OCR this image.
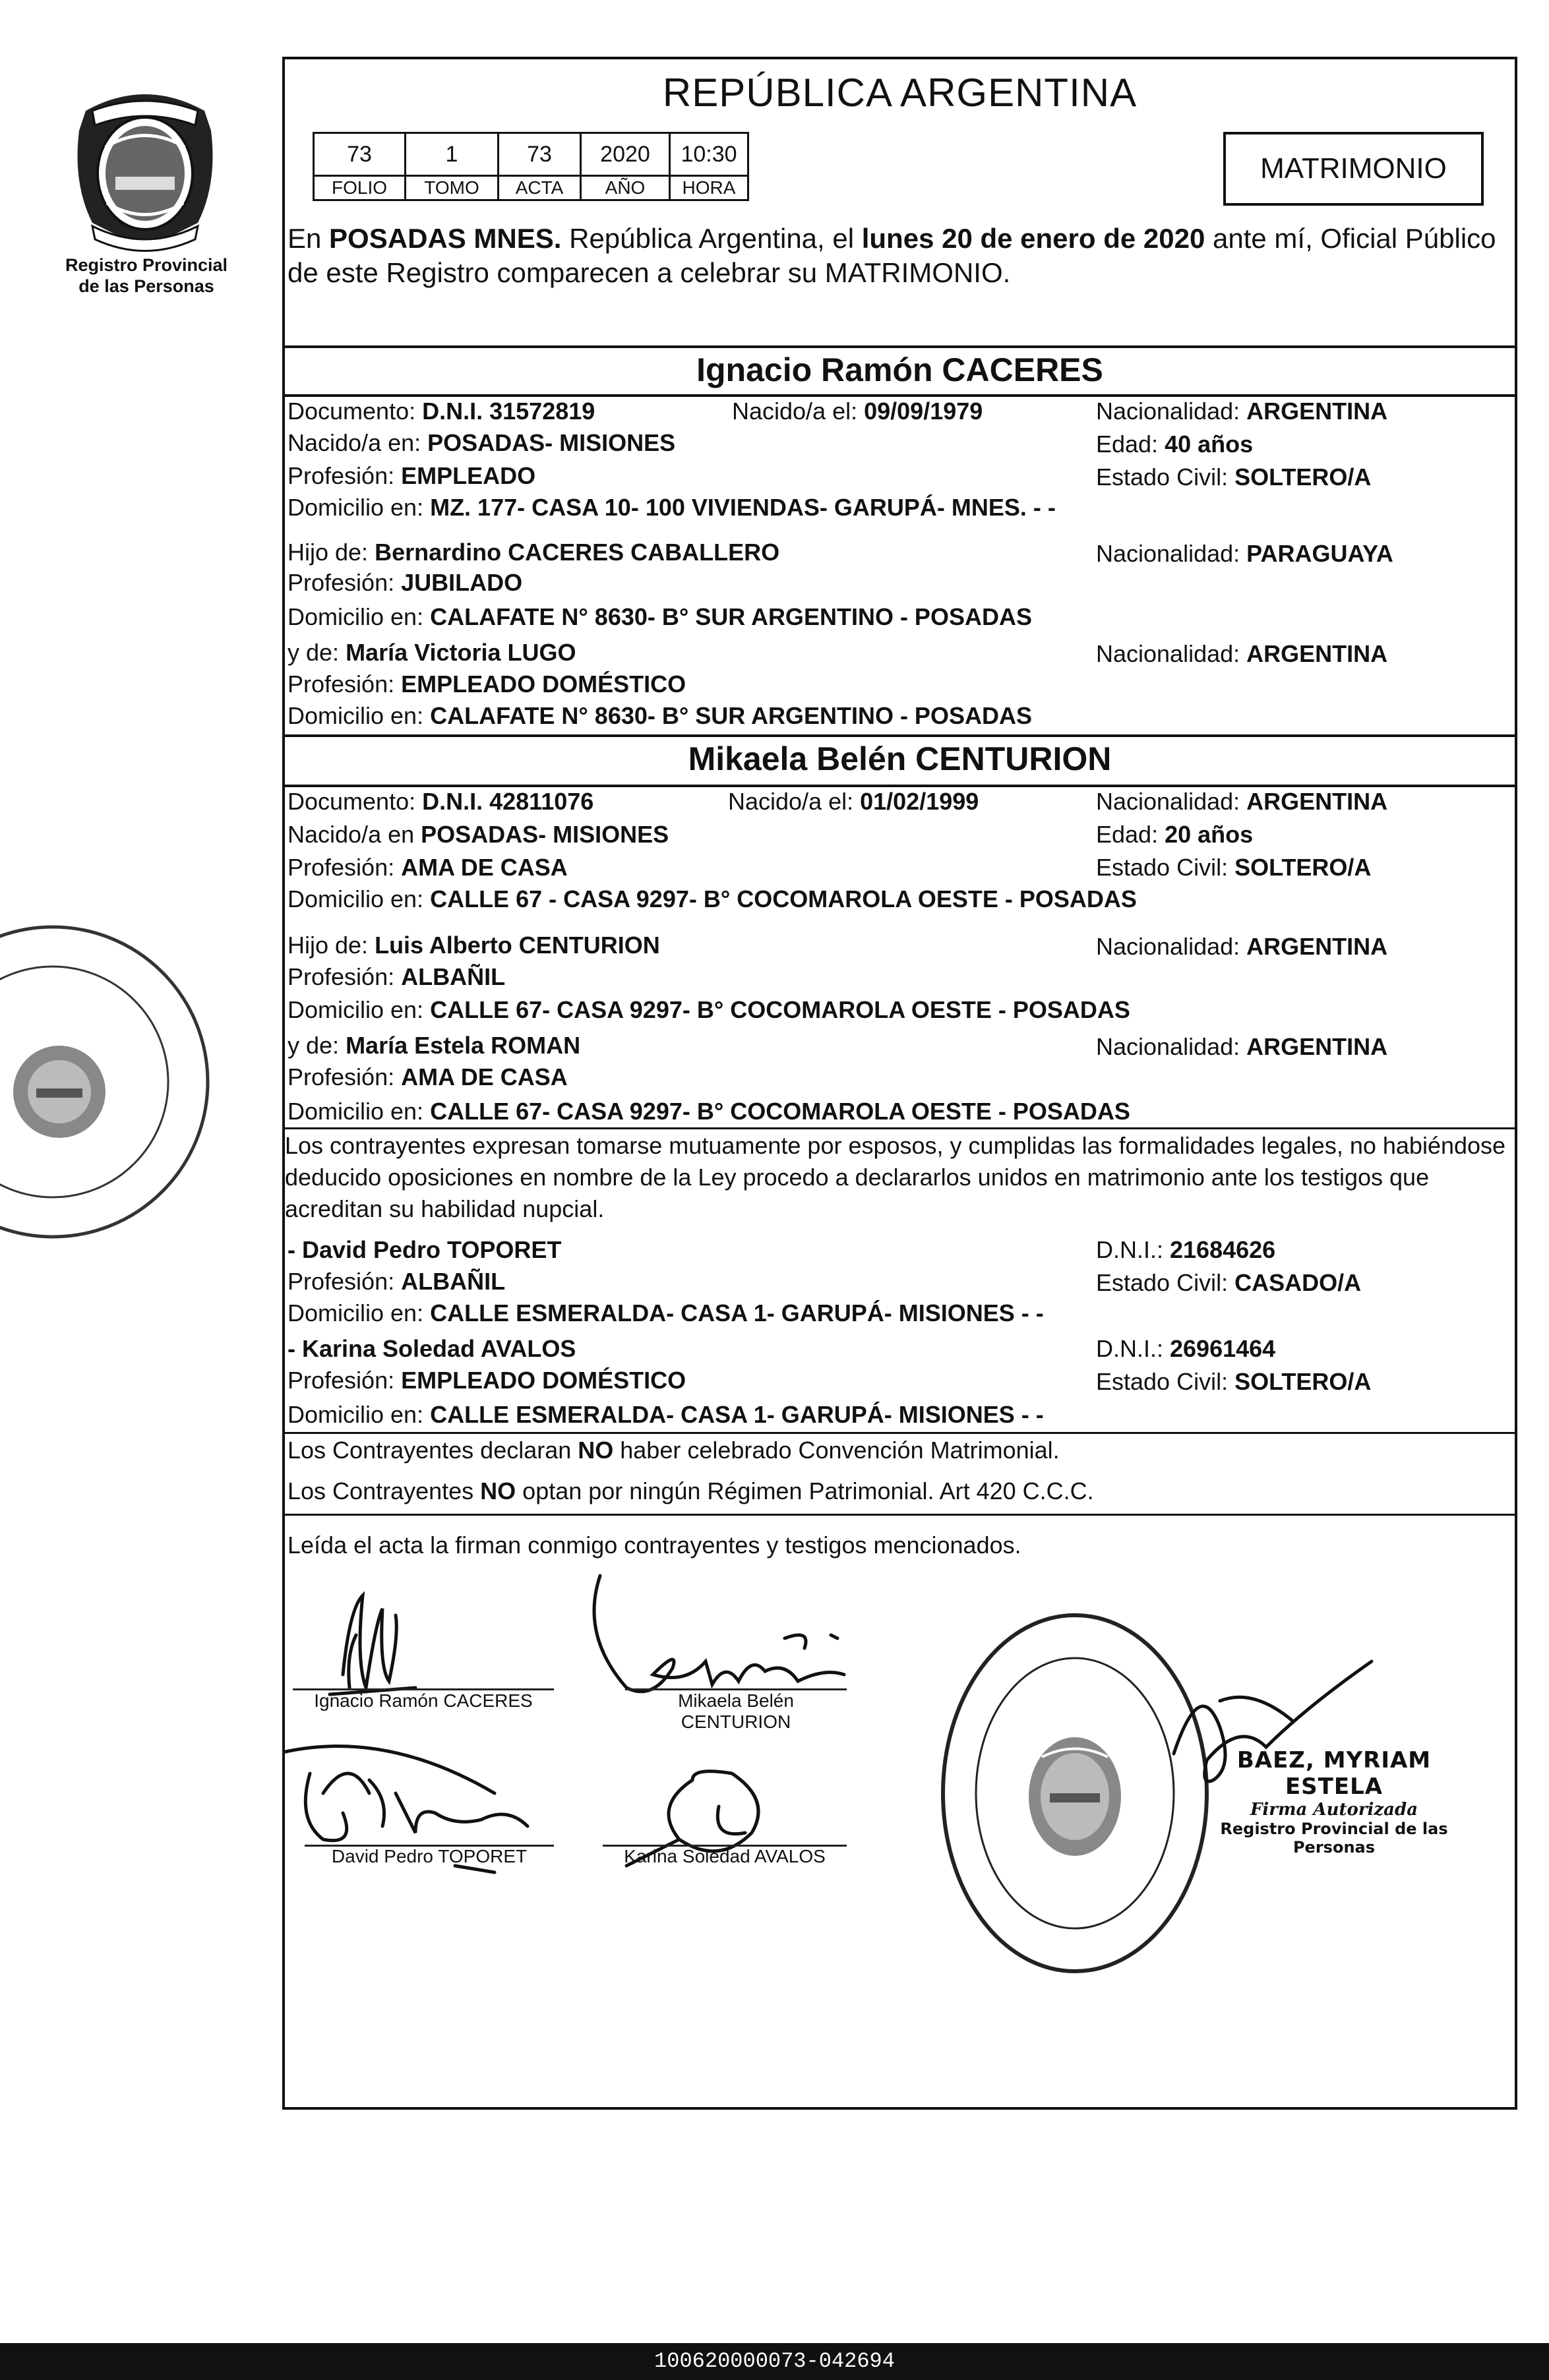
Registro Provincial
de las Personas
REPÚBLICA ARGENTINA
73	1	73	2020	10:30
FOLIO	TOMO	ACTA	AÑO	HORA
MATRIMONIO
En POSADAS MNES. República Argentina, el lunes 20 de enero de 2020 ante mí, Oficial Público de este Registro comparecen a celebrar su MATRIMONIO.
Ignacio Ramón CACERES
Documento: D.N.I. 31572819	Nacido/a el: 09/09/1979	Nacionalidad: ARGENTINA
Nacido/a en: POSADAS- MISIONES	Edad: 40 años
Profesión: EMPLEADO	Estado Civil: SOLTERO/A
Domicilio en: MZ. 177- CASA 10- 100 VIVIENDAS- GARUPÁ- MNES. - -
Hijo de: Bernardino CACERES CABALLERO	Nacionalidad: PARAGUAYA
Profesión: JUBILADO
Domicilio en: CALAFATE N° 8630- B° SUR ARGENTINO - POSADAS
y de: María Victoria LUGO	Nacionalidad: ARGENTINA
Profesión: EMPLEADO DOMÉSTICO
Domicilio en: CALAFATE N° 8630- B° SUR ARGENTINO - POSADAS
Mikaela Belén CENTURION
Documento: D.N.I. 42811076	Nacido/a el: 01/02/1999	Nacionalidad: ARGENTINA
Nacido/a en POSADAS- MISIONES	Edad: 20 años
Profesión: AMA DE CASA	Estado Civil: SOLTERO/A
Domicilio en: CALLE 67 - CASA 9297- B° COCOMAROLA OESTE - POSADAS
Hijo de: Luis Alberto CENTURION	Nacionalidad: ARGENTINA
Profesión: ALBAÑIL
Domicilio en: CALLE 67- CASA 9297- B° COCOMAROLA OESTE - POSADAS
y de: María Estela ROMAN	Nacionalidad: ARGENTINA
Profesión: AMA DE CASA
Domicilio en: CALLE 67- CASA 9297- B° COCOMAROLA OESTE - POSADAS
Los contrayentes expresan tomarse mutuamente por esposos, y cumplidas las formalidades legales, no habiéndose deducido oposiciones en nombre de la Ley procedo a declararlos unidos en matrimonio ante los testigos que acreditan su habilidad nupcial.
- David Pedro TOPORET	D.N.I.: 21684626
Profesión: ALBAÑIL	Estado Civil: CASADO/A
Domicilio en: CALLE ESMERALDA- CASA 1- GARUPÁ- MISIONES - -
- Karina Soledad AVALOS	D.N.I.: 26961464
Profesión: EMPLEADO DOMÉSTICO	Estado Civil: SOLTERO/A
Domicilio en: CALLE ESMERALDA- CASA 1- GARUPÁ- MISIONES - -
Los Contrayentes declaran NO haber celebrado Convención Matrimonial.
Los Contrayentes NO optan por ningún Régimen Patrimonial. Art 420 C.C.C.
Leída el acta la firman conmigo contrayentes y testigos mencionados.
Ignacio Ramón CACERES	Mikaela Belén
CENTURION
David Pedro TOPORET	Karina Soledad AVALOS
BAEZ, MYRIAM ESTELA
Firma Autorizada
Registro Provincial de las Personas
100620000073-042694
